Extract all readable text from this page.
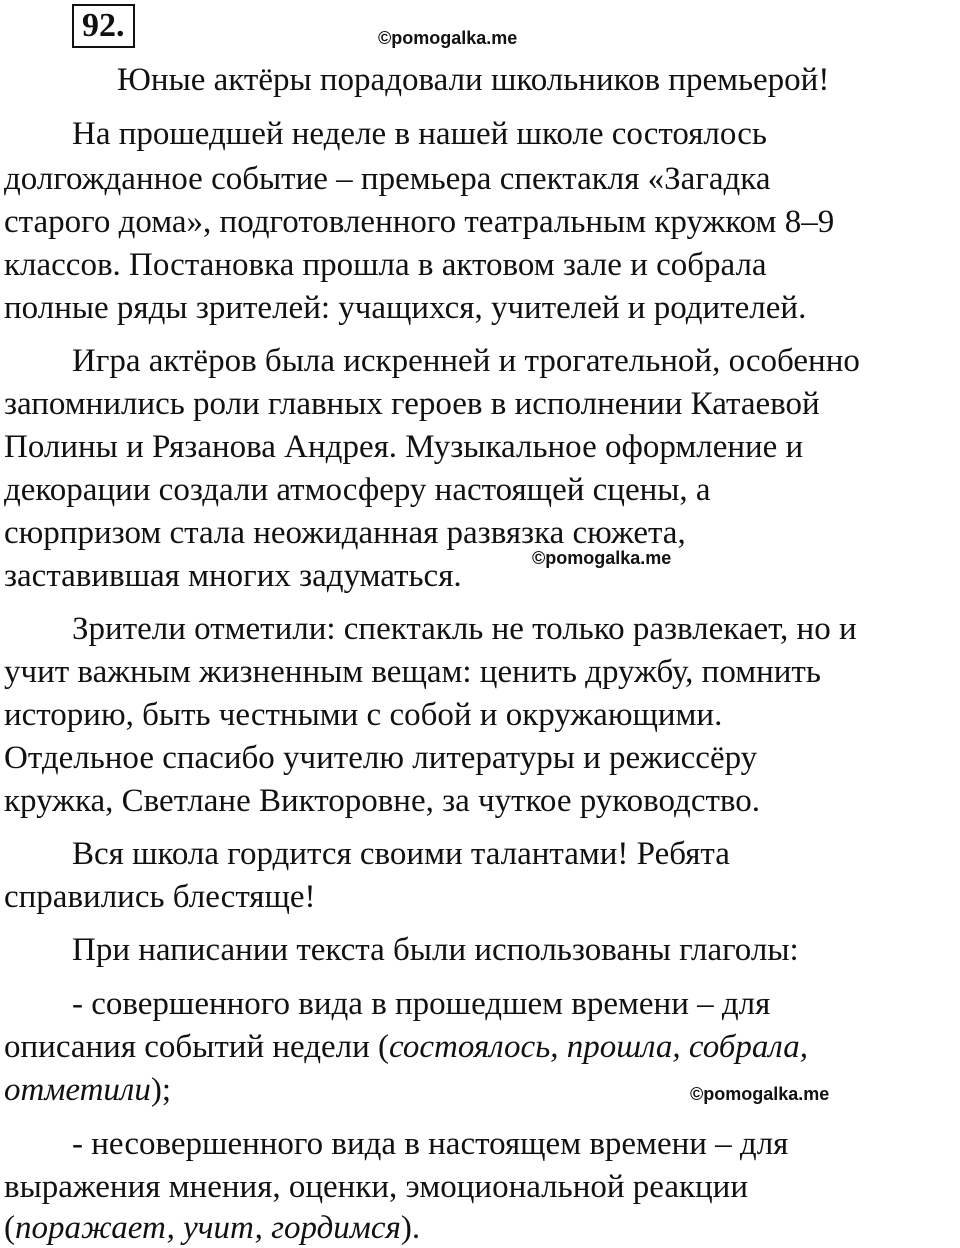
92.	©pomogalka.me
Юные актёры порадовали школьников премьерой!
На прошедшей неделе в нашей школе состоялось
долгожданное событие – премьера спектакля «Загадка
старого дома», подготовленного театральным кружком 8–9
классов. Постановка прошла в актовом зале и собрала
полные ряды зрителей: учащихся, учителей и родителей.
Игра актёров была искренней и трогательной, особенно
запомнились роли главных героев в исполнении Катаевой
Полины и Рязанова Андрея. Музыкальное оформление и
декорации создали атмосферу настоящей сцены, а
сюрпризом стала неожиданная развязка сюжета,
©pomogalka.me
заставившая многих задуматься.
Зрители отметили: спектакль не только развлекает, но и
учит важным жизненным вещам: ценить дружбу, помнить
историю, быть честными с собой и окружающими.
Отдельное спасибо учителю литературы и режиссёру
кружка, Светлане Викторовне, за чуткое руководство.
Вся школа гордится своими талантами! Ребята
справились блестяще!
При написании текста были использованы глаголы:
- совершенного вида в прошедшем времени – для
описания событий недели (состоялось, прошла, собрала,
отметили);	©pomogalka.me
- несовершенного вида в настоящем времени – для
выражения мнения, оценки, эмоциональной реакции
(поражает, учит, гордимся).
